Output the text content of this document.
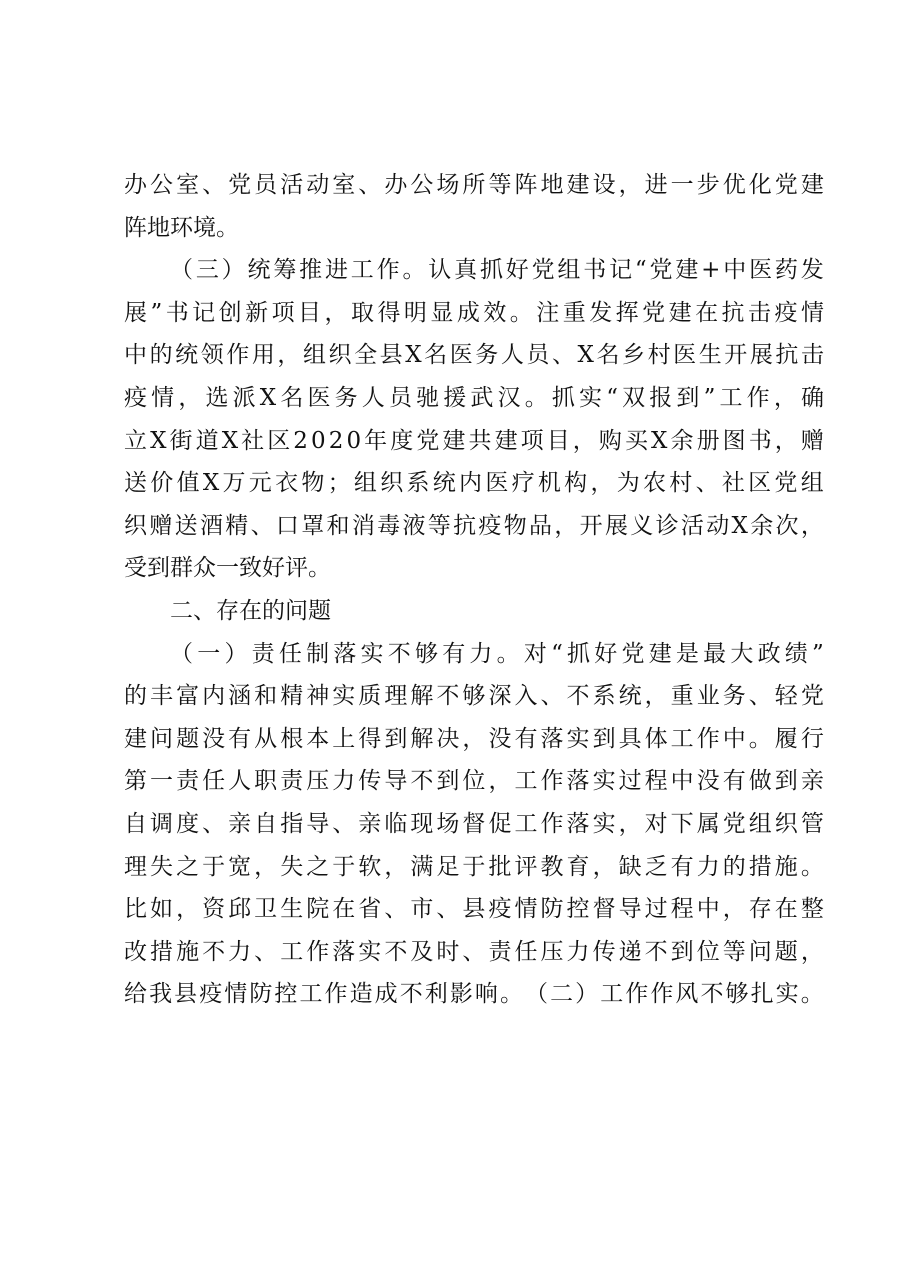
办 公 室 、 党 员 活 动 室 、 办 公 场 所 等 阵 地 建 设 ， 进 一 步 优 化 党 建
阵地环境。
（ 三 ） 统 筹 推 进 工 作 。 认 真 抓 好 党 组 书 记 “ 党 建 + 中 医 药 发
展 ” 书 记 创 新 项 目 ， 取 得 明 显 成 效 。 注 重 发 挥 党 建 在 抗 击 疫 情
中 的 统 领 作 用 ， 组 织 全 县 X 名 医 务 人 员 、 X 名 乡 村 医 生 开 展 抗 击
疫 情 ， 选 派 X 名 医 务 人 员 驰 援 武 汉 。 抓 实 “ 双 报 到 ” 工 作 ， 确
立 X 街 道 X 社 区 2 0 2 0 年 度 党 建 共 建 项 目 ， 购 买 X 余 册 图 书 ， 赠
送 价 值 X 万 元 衣 物 ； 组 织 系 统 内 医 疗 机 构 ， 为 农 村 、 社 区 党 组
织 赠 送 酒 精 、 口 罩 和 消 毒 液 等 抗 疫 物 品 ， 开 展 义 诊 活 动 X 余 次 ，
受到群众一致好评。
二、存在的问题
（ 一 ） 责 任 制 落 实 不 够 有 力 。 对 “ 抓 好 党 建 是 最 大 政 绩 ”
的 丰 富 内 涵 和 精 神 实 质 理 解 不 够 深 入 、 不 系 统 ， 重 业 务 、 轻 党
建 问 题 没 有 从 根 本 上 得 到 解 决 ， 没 有 落 实 到 具 体 工 作 中 。 履 行
第 一 责 任 人 职 责 压 力 传 导 不 到 位 ， 工 作 落 实 过 程 中 没 有 做 到 亲
自 调 度 、 亲 自 指 导 、 亲 临 现 场 督 促 工 作 落 实 ， 对 下 属 党 组 织 管
理 失 之 于 宽 ， 失 之 于 软 ， 满 足 于 批 评 教 育 ， 缺 乏 有 力 的 措 施 。
比 如 ， 资 邱 卫 生 院 在 省 、 市 、 县 疫 情 防 控 督 导 过 程 中 ， 存 在 整
改 措 施 不 力 、 工 作 落 实 不 及 时 、 责 任 压 力 传 递 不 到 位 等 问 题 ，
给 我 县 疫 情 防 控 工 作 造 成 不 利 影 响 。 （ 二 ） 工 作 作 风 不 够 扎 实 。
